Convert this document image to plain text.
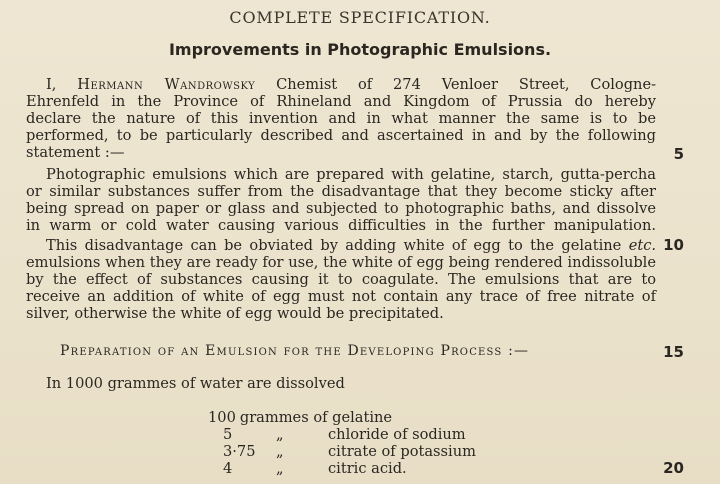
COMPLETE SPECIFICATION.
Improvements in Photographic Emulsions.
I, Hermann Wandrowsky Chemist of 274 Venloer Street, Cologne-
Ehrenfeld in the Province of Rhineland and Kingdom of Prussia do hereby
declare the nature of this invention and in what manner the same is to be
performed, to be particularly described and ascertained in and by the following
statement :—
Photographic emulsions which are prepared with gelatine, starch, gutta-percha
or similar substances suffer from the disadvantage that they become sticky after
being spread on paper or glass and subjected to photographic baths, and dissolve
in warm or cold water causing various difficulties in the further manipulation.
This disadvantage can be obviated by adding white of egg to the gelatine etc.
emulsions when they are ready for use, the white of egg being rendered indissoluble
by the effect of substances causing it to coagulate. The emulsions that are to
receive an addition of white of egg must not contain any trace of free nitrate of
silver, otherwise the white of egg would be precipitated.
Preparation of an Emulsion for the Developing Process :—
In 1000 grammes of water are dissolved
100 grammes of gelatine
5	„	chloride of sodium
3·75 „	citrate of potassium
4	„	citric acid.
5
10
15
20
